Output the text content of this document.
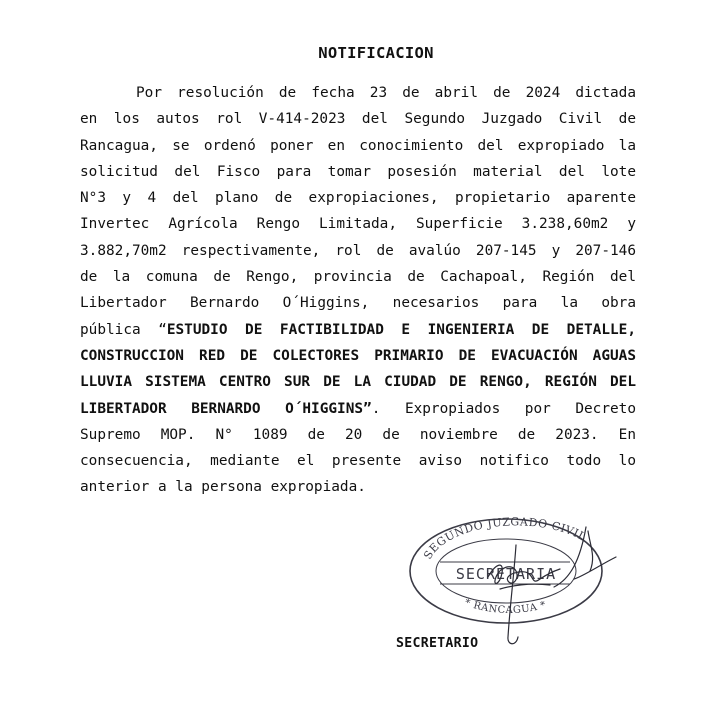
NOTIFICACION
Por resolución de fecha 23 de abril de 2024 dictada
en los autos rol V-414-2023 del Segundo Juzgado Civil de
Rancagua, se ordenó poner en conocimiento del expropiado la
solicitud del Fisco para tomar posesión material del lote
N°3 y 4 del plano de expropiaciones, propietario aparente
Invertec Agrícola Rengo Limitada, Superficie 3.238,60m2 y
3.882,70m2 respectivamente, rol de avalúo 207-145 y 207-146
de la comuna de Rengo, provincia de Cachapoal, Región del
Libertador Bernardo O´Higgins, necesarios para la obra
pública “ESTUDIO DE FACTIBILIDAD E INGENIERIA DE DETALLE,
CONSTRUCCION RED DE COLECTORES PRIMARIO DE EVACUACIÓN AGUAS
LLUVIA SISTEMA CENTRO SUR DE LA CIUDAD DE RENGO, REGIÓN DEL
LIBERTADOR BERNARDO O´HIGGINS”. Expropiados por Decreto
Supremo MOP. N° 1089 de 20 de noviembre de 2023. En
consecuencia, mediante el presente aviso notifico todo lo
anterior a la persona expropiada.
SEGUNDO JUZGADO CIVIL
SECRETARIA
* RANCAGUA *
SECRETARIO
